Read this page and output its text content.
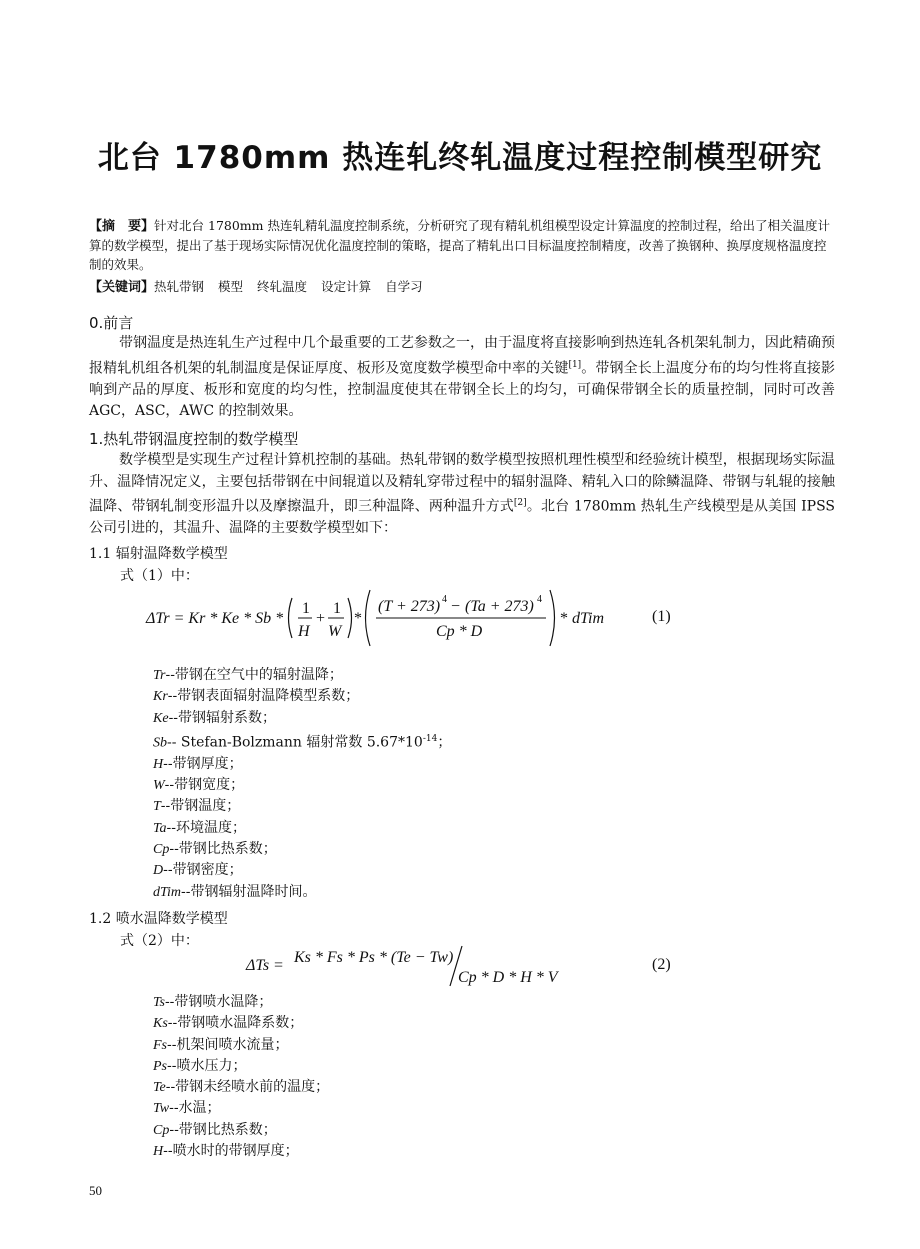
北台 1780mm 热连轧终轧温度过程控制模型研究
【摘　要】针对北台 1780mm 热连轧精轧温度控制系统，分析研究了现有精轧机组模型设定计算温度的控制过程，给出了相关温度计算的数学模型，提出了基于现场实际情况优化温度控制的策略，提高了精轧出口目标温度控制精度，改善了换钢种、换厚度规格温度控制的效果。
【关键词】热轧带钢 模型 终轧温度 设定计算 自学习
0.前言
带钢温度是热连轧生产过程中几个最重要的工艺参数之一，由于温度将直接影响到热连轧各机架轧制力，因此精确预报精轧机组各机架的轧制温度是保证厚度、板形及宽度数学模型命中率的关键[1]。带钢全长上温度分布的均匀性将直接影响到产品的厚度、板形和宽度的均匀性，控制温度使其在带钢全长上的均匀，可确保带钢全长的质量控制，同时可改善 AGC，ASC，AWC 的控制效果。
1.热轧带钢温度控制的数学模型
数学模型是实现生产过程计算机控制的基础。热轧带钢的数学模型按照机理性模型和经验统计模型，根据现场实际温升、温降情况定义，主要包括带钢在中间辊道以及精轧穿带过程中的辐射温降、精轧入口的除鳞温降、带钢与轧辊的接触温降、带钢轧制变形温升以及摩擦温升，即三种温降、两种温升方式[2]。北台 1780mm 热轧生产线模型是从美国 IPSS 公司引进的，其温升、温降的主要数学模型如下：
1.1 辐射温降数学模型
式（1）中：
ΔTr = Kr * Ke * Sb *
1
H
+
1
W
*
(T + 273) 4 − (Ta + 273) 4
Cp * D
* dTim	(1)
Tr--带钢在空气中的辐射温降；
Kr--带钢表面辐射温降模型系数；
Ke--带钢辐射系数；
Sb-- Stefan-Bolzmann 辐射常数 $5.67*10^{-14}$；
H--带钢厚度；
W--带钢宽度；
T--带钢温度；
Ta--环境温度；
Cp--带钢比热系数；
D--带钢密度；
dTim--带钢辐射温降时间。
1.2 喷水温降数学模型
式（2）中：
ΔTs = Ks * Fs * Ps * (Te − Tw)
Cp * D * H * V
(2)
Ts--带钢喷水温降；
Ks--带钢喷水温降系数；
Fs--机架间喷水流量；
Ps--喷水压力；
Te--带钢未经喷水前的温度；
Tw--水温；
Cp--带钢比热系数；
H--喷水时的带钢厚度；
50
